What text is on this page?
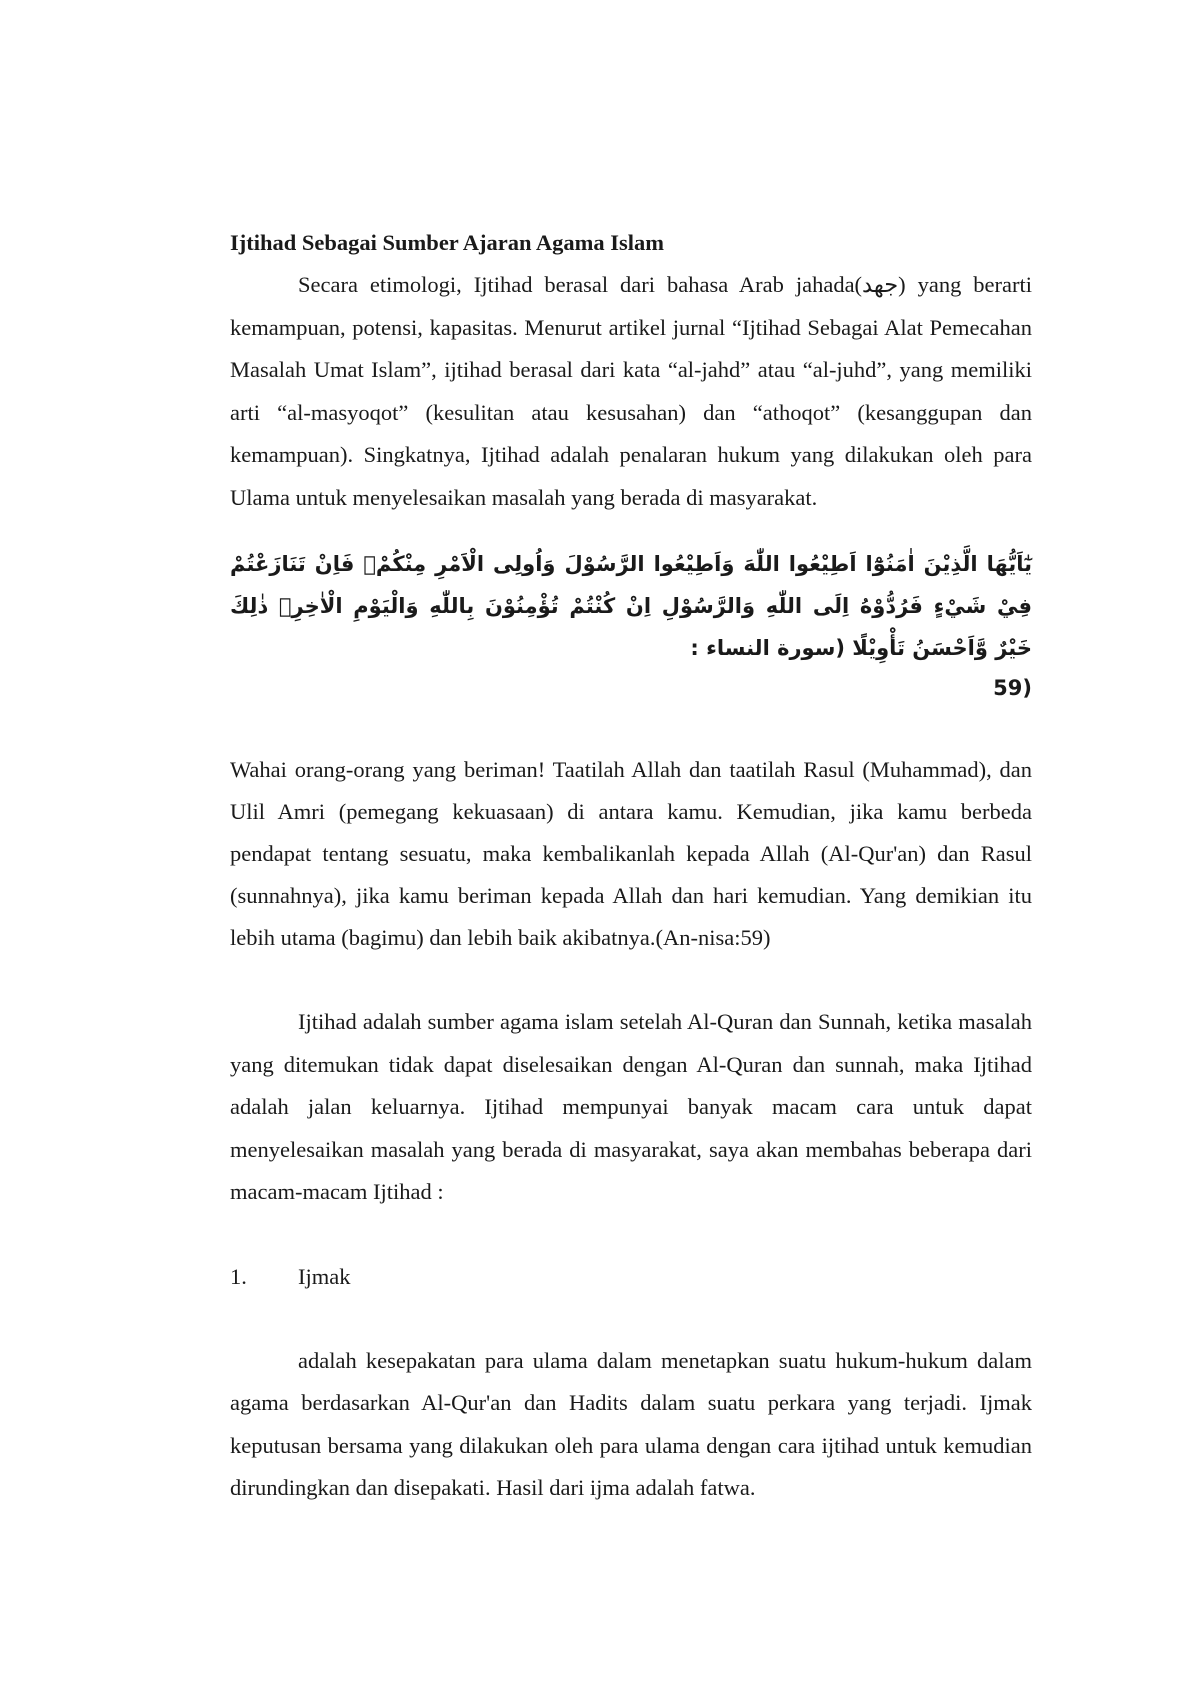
Ijtihad Sebagai Sumber Ajaran Agama Islam

Secara etimologi, Ijtihad berasal dari bahasa Arab jahada(جهد) yang berarti kemampuan, potensi, kapasitas. Menurut artikel jurnal “Ijtihad Sebagai Alat Pemecahan Masalah Umat Islam”, ijtihad berasal dari kata “al-jahd” atau “al-juhd”, yang memiliki arti “al-masyoqot” (kesulitan atau kesusahan) dan “athoqot” (kesanggupan dan kemampuan). Singkatnya, Ijtihad adalah penalaran hukum yang dilakukan oleh para Ulama untuk menyelesaikan masalah yang berada di masyarakat.

يٰٓاَيُّهَا الَّذِيْنَ اٰمَنُوْٓا اَطِيْعُوا اللّٰهَ وَاَطِيْعُوا الرَّسُوْلَ وَاُولِى الْاَمْرِ مِنْكُمْۚ فَاِنْ تَنَازَعْتُمْ فِيْ شَيْءٍ فَرُدُّوْهُ اِلَى اللّٰهِ وَالرَّسُوْلِ اِنْ كُنْتُمْ تُؤْمِنُوْنَ بِاللّٰهِ وَالْيَوْمِ الْاٰخِرِۗ ذٰلِكَ خَيْرٌ وَّاَحْسَنُ تَأْوِيْلًا (سورة النساء :
59)

Wahai orang-orang yang beriman! Taatilah Allah dan taatilah Rasul (Muhammad), dan Ulil Amri (pemegang kekuasaan) di antara kamu. Kemudian, jika kamu berbeda pendapat tentang sesuatu, maka kembalikanlah kepada Allah (Al-Qur'an) dan Rasul (sunnahnya), jika kamu beriman kepada Allah dan hari kemudian. Yang demikian itu lebih utama (bagimu) dan lebih baik akibatnya.(An-nisa:59)

Ijtihad adalah sumber agama islam setelah Al-Quran dan Sunnah, ketika masalah yang ditemukan tidak dapat diselesaikan dengan Al-Quran dan sunnah, maka Ijtihad adalah jalan keluarnya. Ijtihad mempunyai banyak macam cara untuk dapat menyelesaikan masalah yang berada di masyarakat, saya akan membahas beberapa dari macam-macam Ijtihad :

1.	Ijmak

adalah kesepakatan para ulama dalam menetapkan suatu hukum-hukum dalam agama berdasarkan Al-Qur'an dan Hadits dalam suatu perkara yang terjadi. Ijmak keputusan bersama yang dilakukan oleh para ulama dengan cara ijtihad untuk kemudian dirundingkan dan disepakati. Hasil dari ijma adalah fatwa.
